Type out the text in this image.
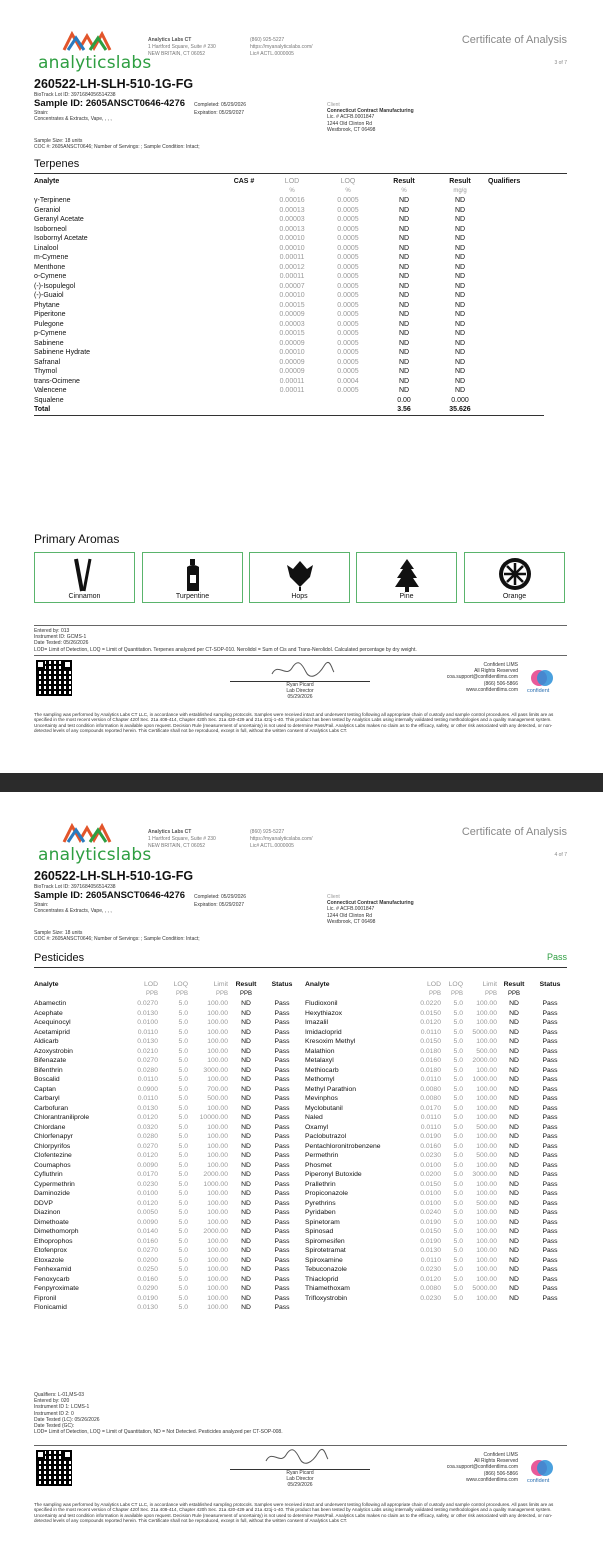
analyticslabs
Analytics Labs CT
1 Hartford Square, Suite # 230
NEW BRITAIN, CT 06052
(860) 925-5227
https://myanalyticslabs.com/
Lic# ACTL.0000005
Certificate of Analysis
3 of 7
260522-LH-SLH-510-1G-FG
BioTrack Lot ID: 3971684056514238
Sample ID: 2605ANSCT0646-4276
Strain:
Concentrates & Extracts, Vape, , , ,
Completed: 05/29/2026
Expiration: 05/29/2027
Client
Connecticut Contract Manufacturing
Lic. # ACFB.0001847
1244 Old Clinton Rd
Westbrook, CT 06498
Sample Size: 18 units
COC #: 2605ANSCT0646; Number of Servings: ; Sample Condition: Intact;
Terpenes
Analyte	CAS #	LOD	LOQ	Result	Result	Qualifiers
		%	%	%	mg/g	
γ-Terpinene		0.00016	0.0005	ND	ND	
Geraniol		0.00013	0.0005	ND	ND	
Geranyl Acetate		0.00003	0.0005	ND	ND	
Isoborneol		0.00013	0.0005	ND	ND	
Isobornyl Acetate		0.00010	0.0005	ND	ND	
Linalool		0.00010	0.0005	ND	ND	
m-Cymene		0.00011	0.0005	ND	ND	
Menthone		0.00012	0.0005	ND	ND	
o-Cymene		0.00011	0.0005	ND	ND	
(-)-Isopulegol		0.00007	0.0005	ND	ND	
(-)-Guaiol		0.00010	0.0005	ND	ND	
Phytane		0.00015	0.0005	ND	ND	
Piperitone		0.00009	0.0005	ND	ND	
Pulegone		0.00003	0.0005	ND	ND	
p-Cymene		0.00015	0.0005	ND	ND	
Sabinene		0.00009	0.0005	ND	ND	
Sabinene Hydrate		0.00010	0.0005	ND	ND	
Safranal		0.00009	0.0005	ND	ND	
Thymol		0.00009	0.0005	ND	ND	
trans-Ocimene		0.00011	0.0004	ND	ND	
Valencene		0.00011	0.0005	ND	ND	
Squalene				0.00	0.000	
Total				3.56	35.626	
Primary Aromas
Cinnamon	Turpentine	Hops	Pine	Orange
Entered by: 013
Instrument ID: GCMS-1
Date Tested: 05/26/2026
LOD= Limit of Detection, LOQ = Limit of Quantitation. Terpenes analyzed per CT-SOP-010. Nerolidol = Sum of Cis and Trans-Nerolidol. Calculated percentage by dry weight.
Ryan Picard
Lab Director
05/29/2026
Confident LIMS
All Rights Reserved
coa.support@confidentlims.com
(866) 506-5866
www.confidentlims.com confident
The sampling was performed by Analytics Labs CT LLC, in accordance with established sampling protocols. Samples were received intact and underwent testing following all appropriate chain of custody and sample control procedures. All pass limits are as specified in the most recent version of Chapter 420f Sec. 21a 408-414, Chapter 420h Sec. 21a 420-429 and 21a 421j-1-40. This product has been tested by Analytics Labs using internally validated testing methodologies and a quality management system. Uncertainty and test condition information is available upon request. Decision Rule (measurement of uncertainty) is not used to determine Pass/Fail. Analytics Labs makes no claim as to the efficacy, safety, or other risk associated with any detected, or non-detected levels of any compounds reported herein. This Certificate shall not be reproduced, except in full, without the written consent of Analytics Labs CT.
analyticslabs
Analytics Labs CT
1 Hartford Square, Suite # 230
NEW BRITAIN, CT 06052
(860) 925-5227
https://myanalyticslabs.com/
Lic# ACTL.0000005
Certificate of Analysis
4 of 7
260522-LH-SLH-510-1G-FG
BioTrack Lot ID: 3971684056514238
Sample ID: 2605ANSCT0646-4276
Strain:
Concentrates & Extracts, Vape, , , ,
Completed: 05/29/2026
Expiration: 05/29/2027
Client
Connecticut Contract Manufacturing
Lic. # ACFB.0001847
1244 Old Clinton Rd
Westbrook, CT 06498
Sample Size: 18 units
COC #: 2605ANSCT0646; Number of Servings: ; Sample Condition: Intact;
Pesticides	Pass
Analyte	LOD	LOQ	Limit	Result	Status
	PPB	PPB	PPB	PPB	
Abamectin	0.0270	5.0	100.00	ND	Pass
Acephate	0.0130	5.0	100.00	ND	Pass
Acequinocyl	0.0100	5.0	100.00	ND	Pass
Acetamiprid	0.0110	5.0	100.00	ND	Pass
Aldicarb	0.0130	5.0	100.00	ND	Pass
Azoxystrobin	0.0210	5.0	100.00	ND	Pass
Bifenazate	0.0270	5.0	100.00	ND	Pass
Bifenthrin	0.0280	5.0	3000.00	ND	Pass
Boscalid	0.0110	5.0	100.00	ND	Pass
Captan	0.0900	5.0	700.00	ND	Pass
Carbaryl	0.0110	5.0	500.00	ND	Pass
Carbofuran	0.0130	5.0	100.00	ND	Pass
Chlorantraniliprole	0.0120	5.0	10000.00	ND	Pass
Chlordane	0.0320	5.0	100.00	ND	Pass
Chlorfenapyr	0.0280	5.0	100.00	ND	Pass
Chlorpyrifos	0.0270	5.0	100.00	ND	Pass
Clofentezine	0.0120	5.0	100.00	ND	Pass
Coumaphos	0.0090	5.0	100.00	ND	Pass
Cyfluthrin	0.0170	5.0	2000.00	ND	Pass
Cypermethrin	0.0230	5.0	1000.00	ND	Pass
Daminozide	0.0100	5.0	100.00	ND	Pass
DDVP	0.0120	5.0	100.00	ND	Pass
Diazinon	0.0050	5.0	100.00	ND	Pass
Dimethoate	0.0090	5.0	100.00	ND	Pass
Dimethomorph	0.0140	5.0	2000.00	ND	Pass
Ethoprophos	0.0160	5.0	100.00	ND	Pass
Etofenprox	0.0270	5.0	100.00	ND	Pass
Etoxazole	0.0200	5.0	100.00	ND	Pass
Fenhexamid	0.0250	5.0	100.00	ND	Pass
Fenoxycarb	0.0160	5.0	100.00	ND	Pass
Fenpyroximate	0.0290	5.0	100.00	ND	Pass
Fipronil	0.0190	5.0	100.00	ND	Pass
Flonicamid	0.0130	5.0	100.00	ND	Pass
Analyte	LOD	LOQ	Limit	Result	Status
	PPB	PPB	PPB	PPB	
Fludioxonil	0.0220	5.0	100.00	ND	Pass
Hexythiazox	0.0150	5.0	100.00	ND	Pass
Imazalil	0.0120	5.0	100.00	ND	Pass
Imidacloprid	0.0110	5.0	5000.00	ND	Pass
Kresoxim Methyl	0.0150	5.0	100.00	ND	Pass
Malathion	0.0180	5.0	500.00	ND	Pass
Metalaxyl	0.0160	5.0	2000.00	ND	Pass
Methiocarb	0.0180	5.0	100.00	ND	Pass
Methomyl	0.0110	5.0	1000.00	ND	Pass
Methyl Parathion	0.0080	5.0	100.00	ND	Pass
Mevinphos	0.0080	5.0	100.00	ND	Pass
Myclobutanil	0.0170	5.0	100.00	ND	Pass
Naled	0.0110	5.0	100.00	ND	Pass
Oxamyl	0.0110	5.0	500.00	ND	Pass
Paclobutrazol	0.0190	5.0	100.00	ND	Pass
Pentachloronitrobenzene	0.0160	5.0	100.00	ND	Pass
Permethrin	0.0230	5.0	500.00	ND	Pass
Phosmet	0.0100	5.0	100.00	ND	Pass
Piperonyl Butoxide	0.0200	5.0	3000.00	ND	Pass
Prallethrin	0.0150	5.0	100.00	ND	Pass
Propiconazole	0.0100	5.0	100.00	ND	Pass
Pyrethrins	0.0100	5.0	500.00	ND	Pass
Pyridaben	0.0240	5.0	100.00	ND	Pass
Spinetoram	0.0190	5.0	100.00	ND	Pass
Spinosad	0.0150	5.0	100.00	ND	Pass
Spiromesifen	0.0190	5.0	100.00	ND	Pass
Spirotetramat	0.0130	5.0	100.00	ND	Pass
Spiroxamine	0.0110	5.0	100.00	ND	Pass
Tebuconazole	0.0230	5.0	100.00	ND	Pass
Thiacloprid	0.0120	5.0	100.00	ND	Pass
Thiamethoxam	0.0080	5.0	5000.00	ND	Pass
Trifloxystrobin	0.0230	5.0	100.00	ND	Pass
Qualifiers: L-01,MS-03
Entered by: 020
Instrument ID 1: LCMS-1
Instrument ID 2: 0
Date Tested (LC): 05/26/2026
Date Tested (GC):
LOD= Limit of Detection, LOQ = Limit of Quantitation, ND = Not Detected. Pesticides analyzed per CT-SOP-008.
Ryan Picard
Lab Director
05/29/2026
Confident LIMS
All Rights Reserved
coa.support@confidentlims.com
(866) 506-5866
www.confidentlims.com confident
The sampling was performed by Analytics Labs CT LLC, in accordance with established sampling protocols. Samples were received intact and underwent testing following all appropriate chain of custody and sample control procedures. All pass limits are as specified in the most recent version of Chapter 420f Sec. 21a 408-414, Chapter 420h Sec. 21a 420-429 and 21a 421j-1-40. This product has been tested by Analytics Labs using internally validated testing methodologies and a quality management system. Uncertainty and test condition information is available upon request. Decision Rule (measurement of uncertainty) is not used to determine Pass/Fail. Analytics Labs makes no claim as to the efficacy, safety, or other risk associated with any detected, or non-detected levels of any compounds reported herein. This Certificate shall not be reproduced, except in full, without the written consent of Analytics Labs CT.
